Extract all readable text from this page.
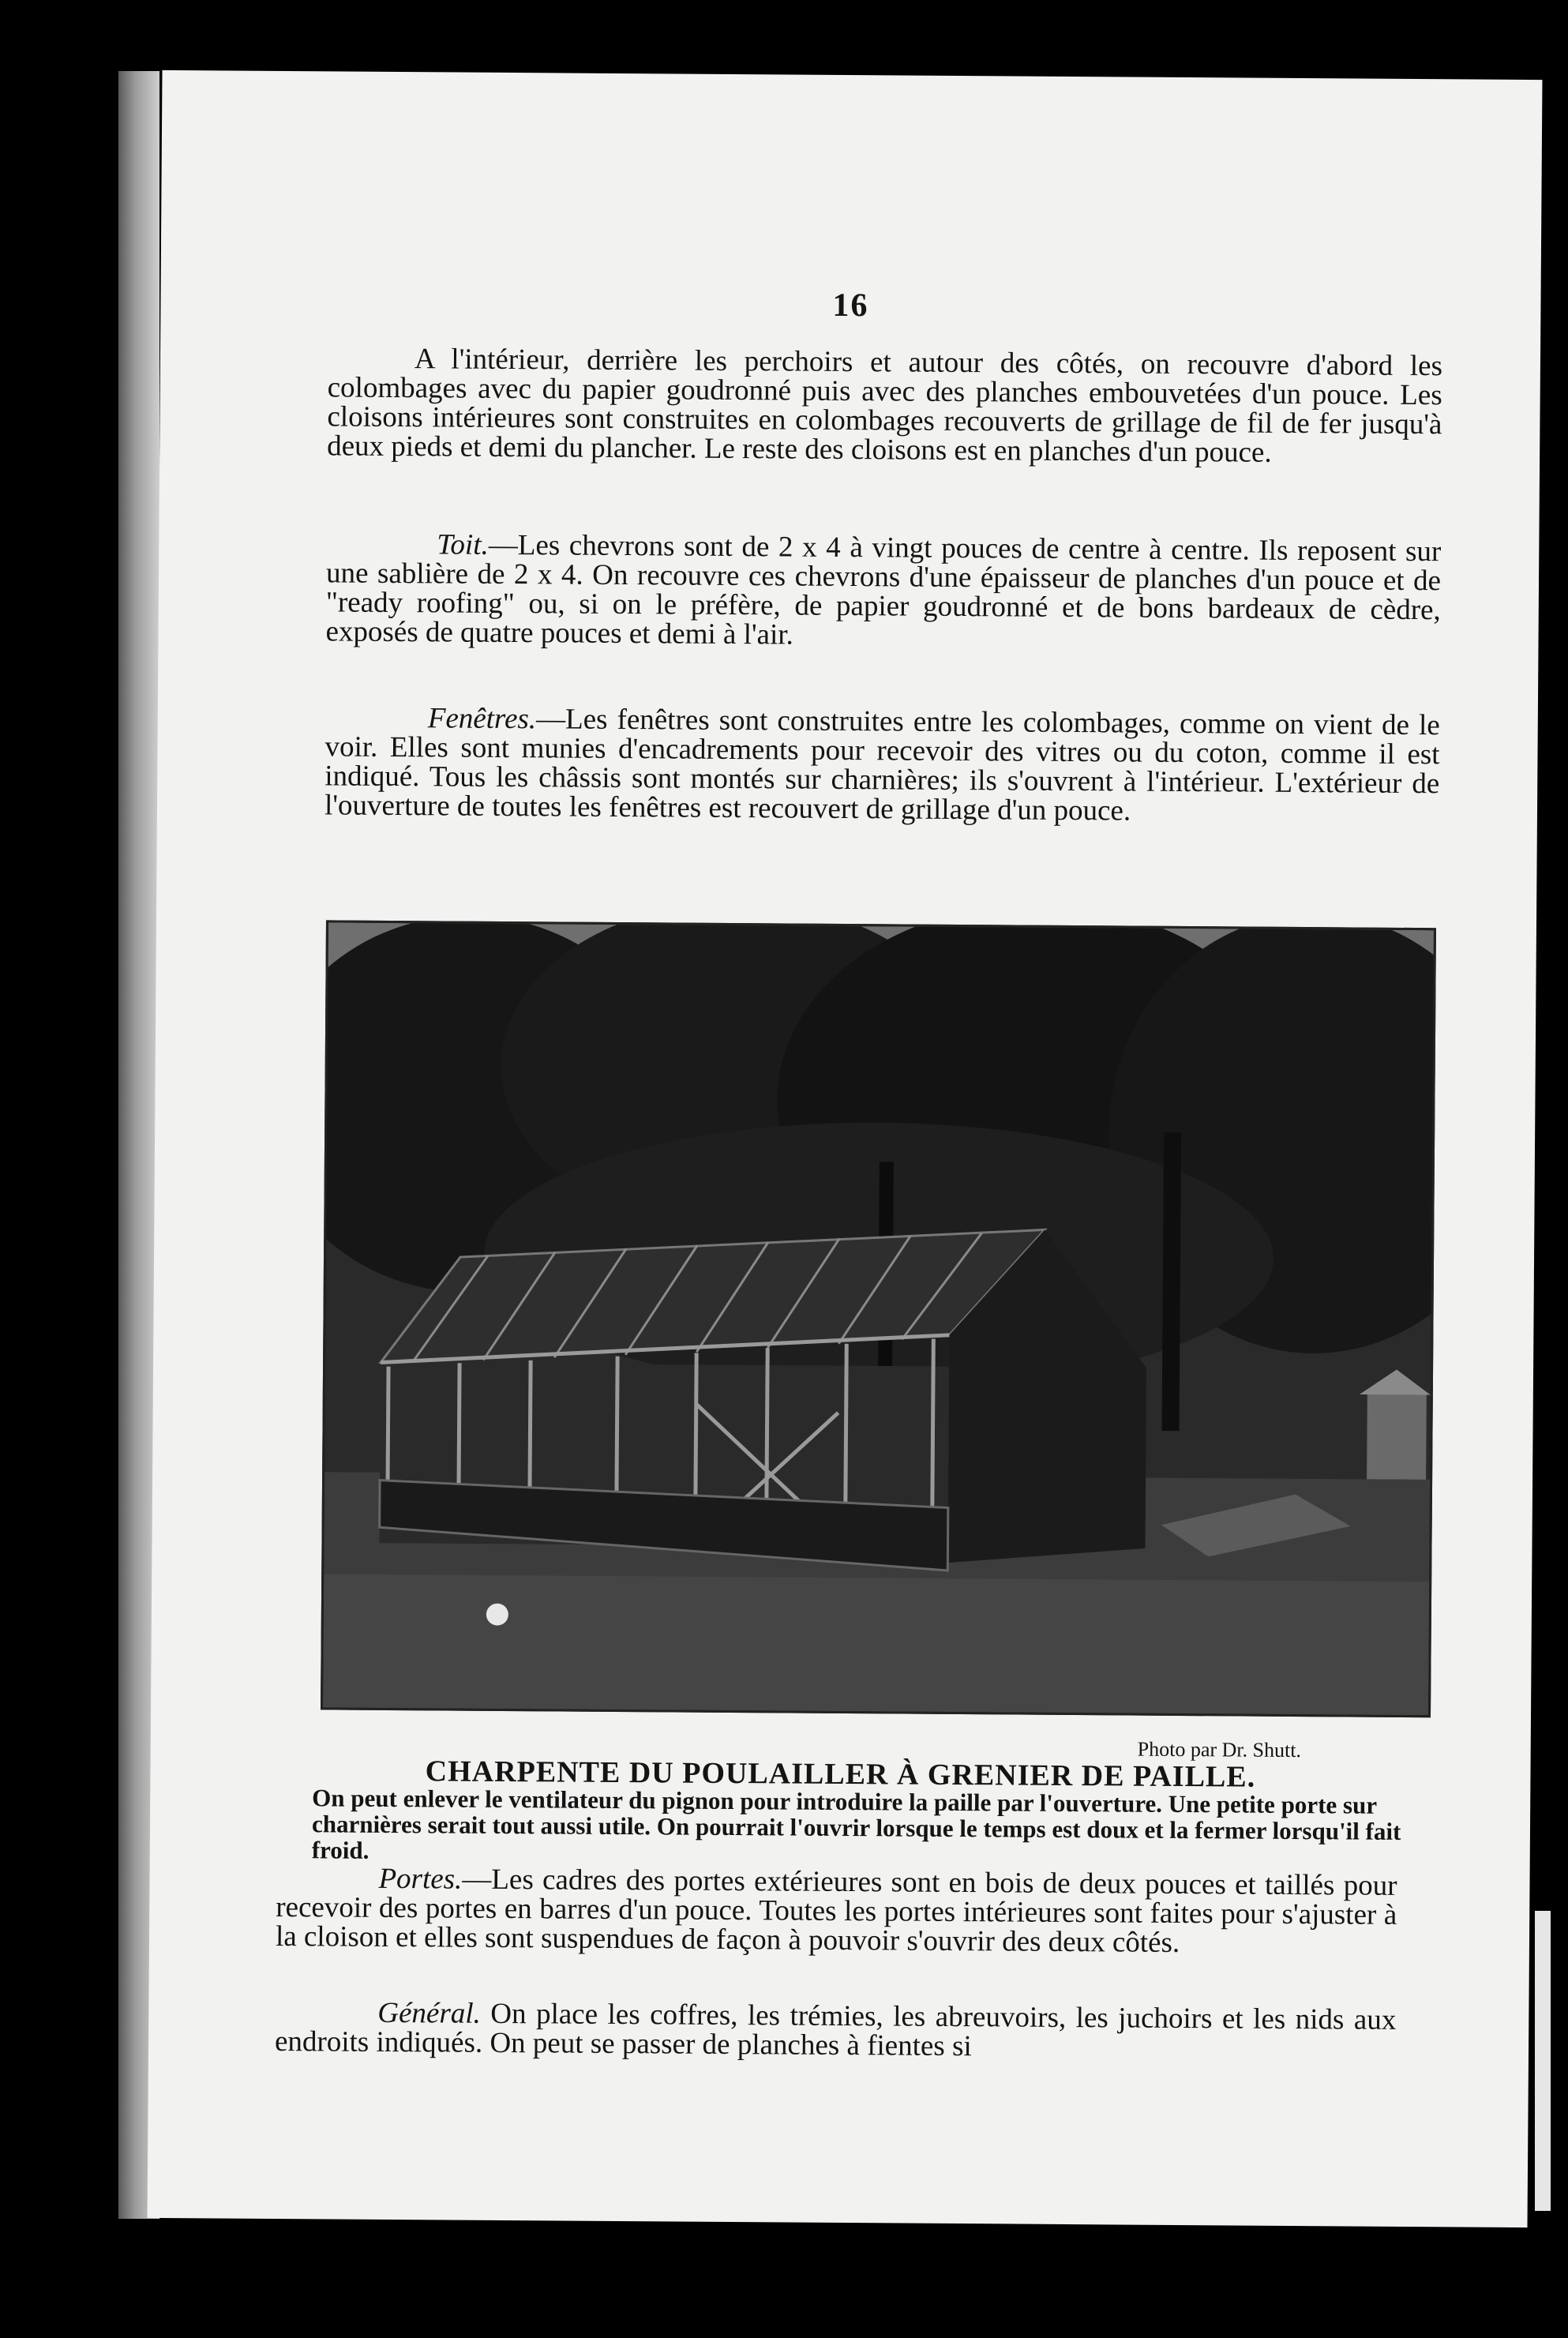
16

A l'intérieur, derrière les perchoirs et autour des côtés, on recouvre d'abord les colombages avec du papier goudronné puis avec des planches embouvetées d'un pouce. Les cloisons intérieures sont construites en colombages recouverts de grillage de fil de fer jusqu'à deux pieds et demi du plancher. Le reste des cloisons est en planches d'un pouce.

Toit.—Les chevrons sont de 2 x 4 à vingt pouces de centre à centre. Ils reposent sur une sablière de 2 x 4. On recouvre ces chevrons d'une épaisseur de planches d'un pouce et de "ready roofing" ou, si on le préfère, de papier goudronné et de bons bardeaux de cèdre, exposés de quatre pouces et demi à l'air.

Fenêtres.—Les fenêtres sont construites entre les colombages, comme on vient de le voir. Elles sont munies d'encadrements pour recevoir des vitres ou du coton, comme il est indiqué. Tous les châssis sont montés sur charnières; ils s'ouvrent à l'intérieur. L'extérieur de l'ouverture de toutes les fenêtres est recouvert de grillage d'un pouce.

Photo par Dr. Shutt.
CHARPENTE DU POULAILLER À GRENIER DE PAILLE.

On peut enlever le ventilateur du pignon pour introduire la paille par l'ouverture. Une petite porte sur charnières serait tout aussi utile. On pourrait l'ouvrir lorsque le temps est doux et la fermer lorsqu'il fait froid.

Portes.—Les cadres des portes extérieures sont en bois de deux pouces et taillés pour recevoir des portes en barres d'un pouce. Toutes les portes intérieures sont faites pour s'ajuster à la cloison et elles sont suspendues de façon à pouvoir s'ouvrir des deux côtés.

Général. On place les coffres, les trémies, les abreuvoirs, les juchoirs et les nids aux endroits indiqués. On peut se passer de planches à fientes si
